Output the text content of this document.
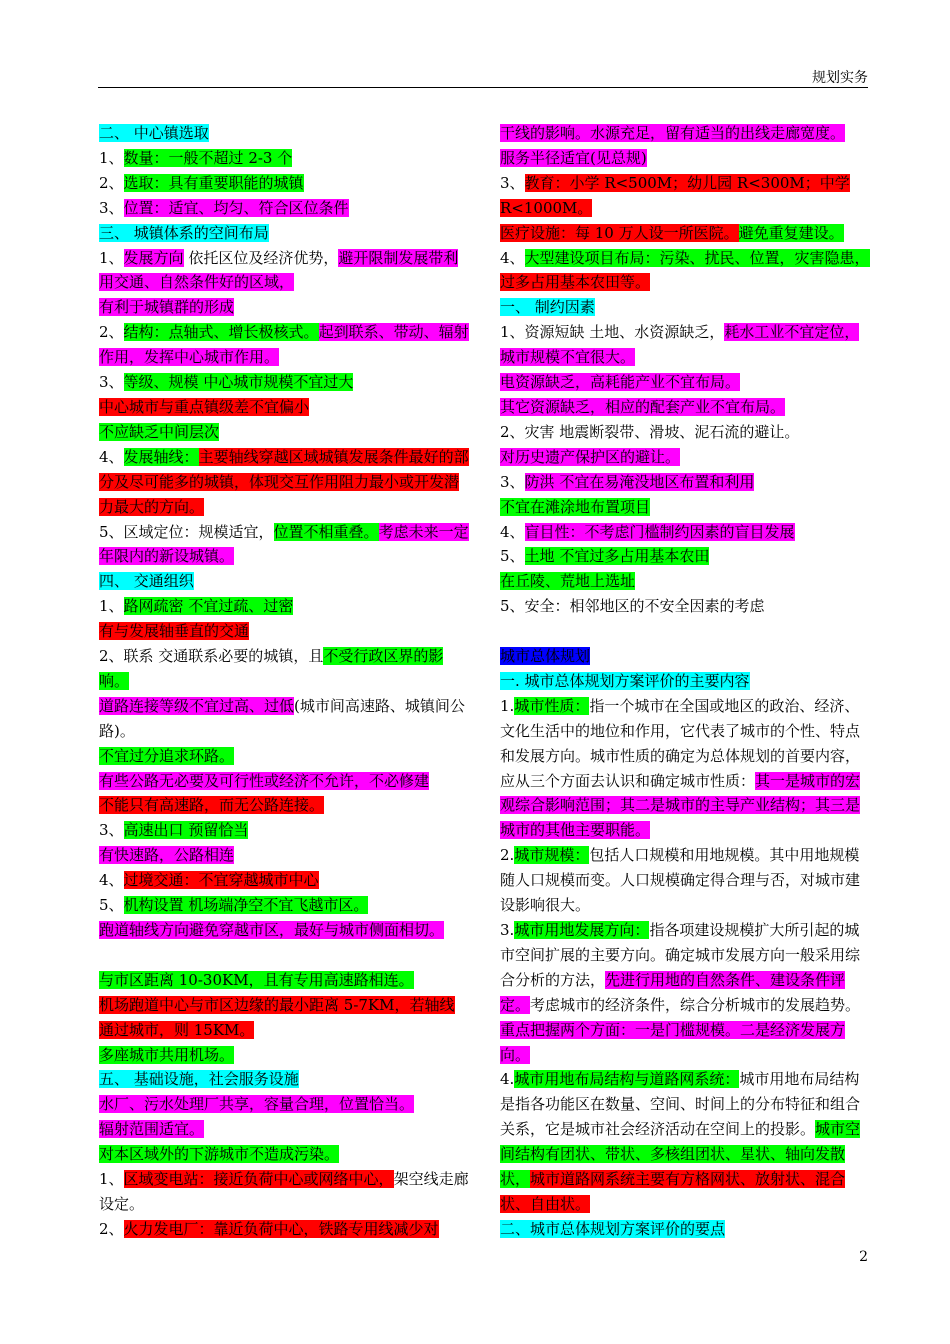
规划实务

二、 中心镇选取

1、数量：一般不超过 2-3 个

2、选取：具有重要职能的城镇

3、位置：适宜、均匀、符合区位条件

三、 城镇体系的空间布局

1、发展方向 依托区位及经济优势，避开限制发展带利用交通、自然条件好的区域，

有利于城镇群的形成

2、结构：点轴式、增长极核式。起到联系、带动、辐射作用，发挥中心城市作用。

3、等级、规模 中心城市规模不宜过大

中心城市与重点镇级差不宜偏小

不应缺乏中间层次

4、发展轴线：主要轴线穿越区域城镇发展条件最好的部分及尽可能多的城镇，体现交互作用阻力最小或开发潜力最大的方向。

5、区域定位：规模适宜，位置不相重叠。考虑未来一定年限内的新设城镇。

四、 交通组织

1、路网疏密 不宜过疏、过密

有与发展轴垂直的交通

2、联系 交通联系必要的城镇，且不受行政区界的影响。

道路连接等级不宜过高、过低(城市间高速路、城镇间公路)。

不宜过分追求环路。

有些公路无必要及可行性或经济不允许，不必修建

不能只有高速路，而无公路连接。

3、高速出口 预留恰当

有快速路，公路相连

4、过境交通：不宜穿越城市中心

5、机构设置 机场端净空不宜飞越市区。

跑道轴线方向避免穿越市区，最好与城市侧面相切。

与市区距离 10-30KM，且有专用高速路相连。

机场跑道中心与市区边缘的最小距离 5-7KM，若轴线通过城市，则 15KM。

多座城市共用机场。

五、 基础设施，社会服务设施

水厂、污水处理厂共享，容量合理，位置恰当。

辐射范围适宜。

对本区域外的下游城市不造成污染。

1、区域变电站：接近负荷中心或网络中心，架空线走廊设定。

2、火力发电厂：靠近负荷中心，铁路专用线减少对

干线的影响。水源充足，留有适当的出线走廊宽度。

服务半径适宜(见总规)

3、教育：小学 R<500M；幼儿园 R<300M；中学 R<1000M。

医疗设施：每 10 万人设一所医院。避免重复建设。

4、大型建设项目布局：污染、扰民、位置，灾害隐患，过多占用基本农田等。

一、 制约因素

1、资源短缺 土地、水资源缺乏，耗水工业不宜定位，城市规模不宜很大。

电资源缺乏，高耗能产业不宜布局。

其它资源缺乏，相应的配套产业不宜布局。

2、灾害 地震断裂带、滑坡、泥石流的避让。

对历史遗产保护区的避让。

3、防洪 不宜在易淹没地区布置和利用

不宜在滩涂地布置项目

4、盲目性：不考虑门槛制约因素的盲目发展

5、土地 不宜过多占用基本农田

在丘陵、荒地上选址

5、安全：相邻地区的不安全因素的考虑

城市总体规划

一. 城市总体规划方案评价的主要内容

1.城市性质：指一个城市在全国或地区的政治、经济、文化生活中的地位和作用，它代表了城市的个性、特点和发展方向。城市性质的确定为总体规划的首要内容，应从三个方面去认识和确定城市性质：其一是城市的宏观综合影响范围；其二是城市的主导产业结构；其三是城市的其他主要职能。

2.城市规模：包括人口规模和用地规模。其中用地规模随人口规模而变。人口规模确定得合理与否，对城市建设影响很大。

3.城市用地发展方向：指各项建设规模扩大所引起的城市空间扩展的主要方向。确定城市发展方向一般采用综合分析的方法，先进行用地的自然条件、建设条件评定。考虑城市的经济条件，综合分析城市的发展趋势。重点把握两个方面：一是门槛规模。二是经济发展方向。

4.城市用地布局结构与道路网系统：城市用地布局结构是指各功能区在数量、空间、时间上的分布特征和组合关系，它是城市社会经济活动在空间上的投影。城市空间结构有团状、带状、多核组团状、星状、轴向发散状，城市道路网系统主要有方格网状、放射状、混合状、自由状。

二、城市总体规划方案评价的要点

2
